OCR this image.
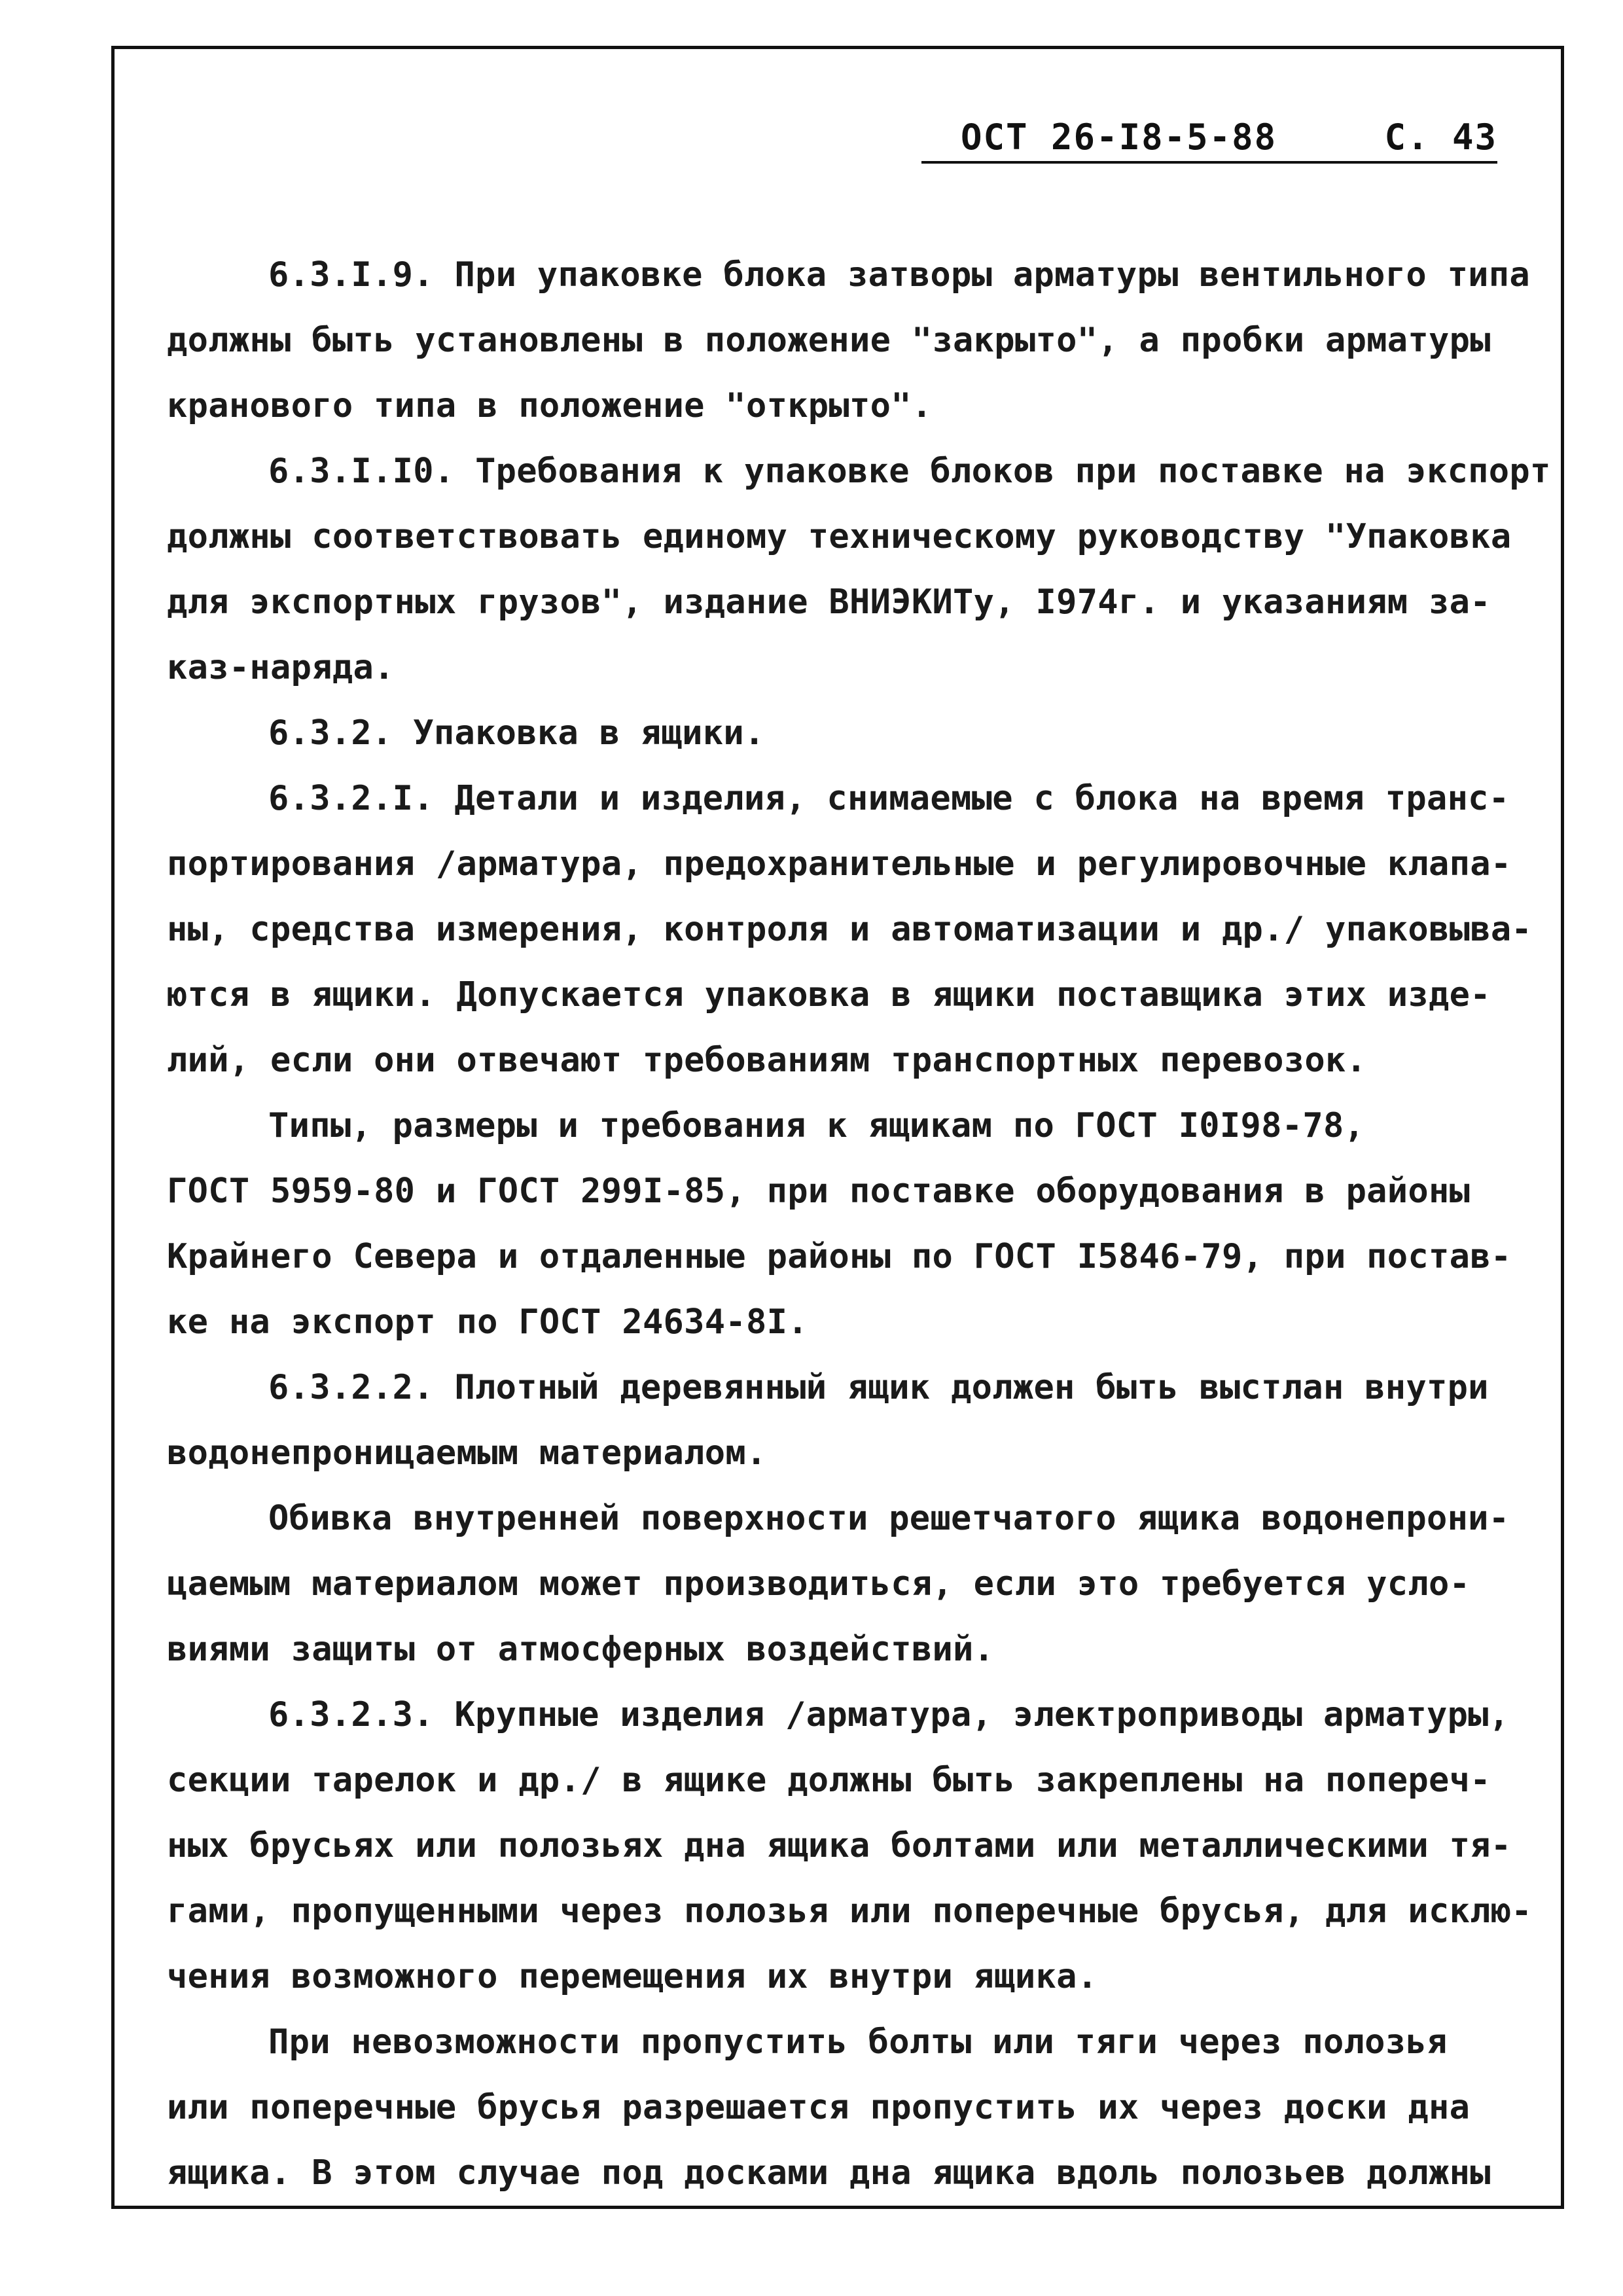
ОСТ 26-I8-5-88	С. 43
6.3.I.9. При упаковке блока затворы арматуры вентильного типа
должны быть установлены в положение "закрыто", а пробки арматуры
кранового типа в положение "открыто".
6.3.I.I0. Требования к упаковке блоков при поставке на экспорт
должны соответствовать единому техническому руководству "Упаковка
для экспортных грузов", издание ВНИЭКИТу, I974г. и указаниям за-
каз-наряда.
6.3.2. Упаковка в ящики.
6.3.2.I. Детали и изделия, снимаемые с блока на время транс-
портирования /арматура, предохранительные и регулировочные клапа-
ны, средства измерения, контроля и автоматизации и др./ упаковыва-
ются в ящики. Допускается упаковка в ящики поставщика этих изде-
лий, если они отвечают требованиям транспортных перевозок.
Типы, размеры и требования к ящикам по ГОСТ I0I98-78,
ГОСТ 5959-80 и ГОСТ 299I-85, при поставке оборудования в районы
Крайнего Севера и отдаленные районы по ГОСТ I5846-79, при постав-
ке на экспорт по ГОСТ 24634-8I.
6.3.2.2. Плотный деревянный ящик должен быть выстлан внутри
водонепроницаемым материалом.
Обивка внутренней поверхности решетчатого ящика водонепрони-
цаемым материалом может производиться, если это требуется усло-
виями защиты от атмосферных воздействий.
6.3.2.3. Крупные изделия /арматура, электроприводы арматуры,
секции тарелок и др./ в ящике должны быть закреплены на попереч-
ных брусьях или полозьях дна ящика болтами или металлическими тя-
гами, пропущенными через полозья или поперечные брусья, для исклю-
чения возможного перемещения их внутри ящика.
При невозможности пропустить болты или тяги через полозья
или поперечные брусья разрешается пропустить их через доски дна
ящика. В этом случае под досками дна ящика вдоль полозьев должны
